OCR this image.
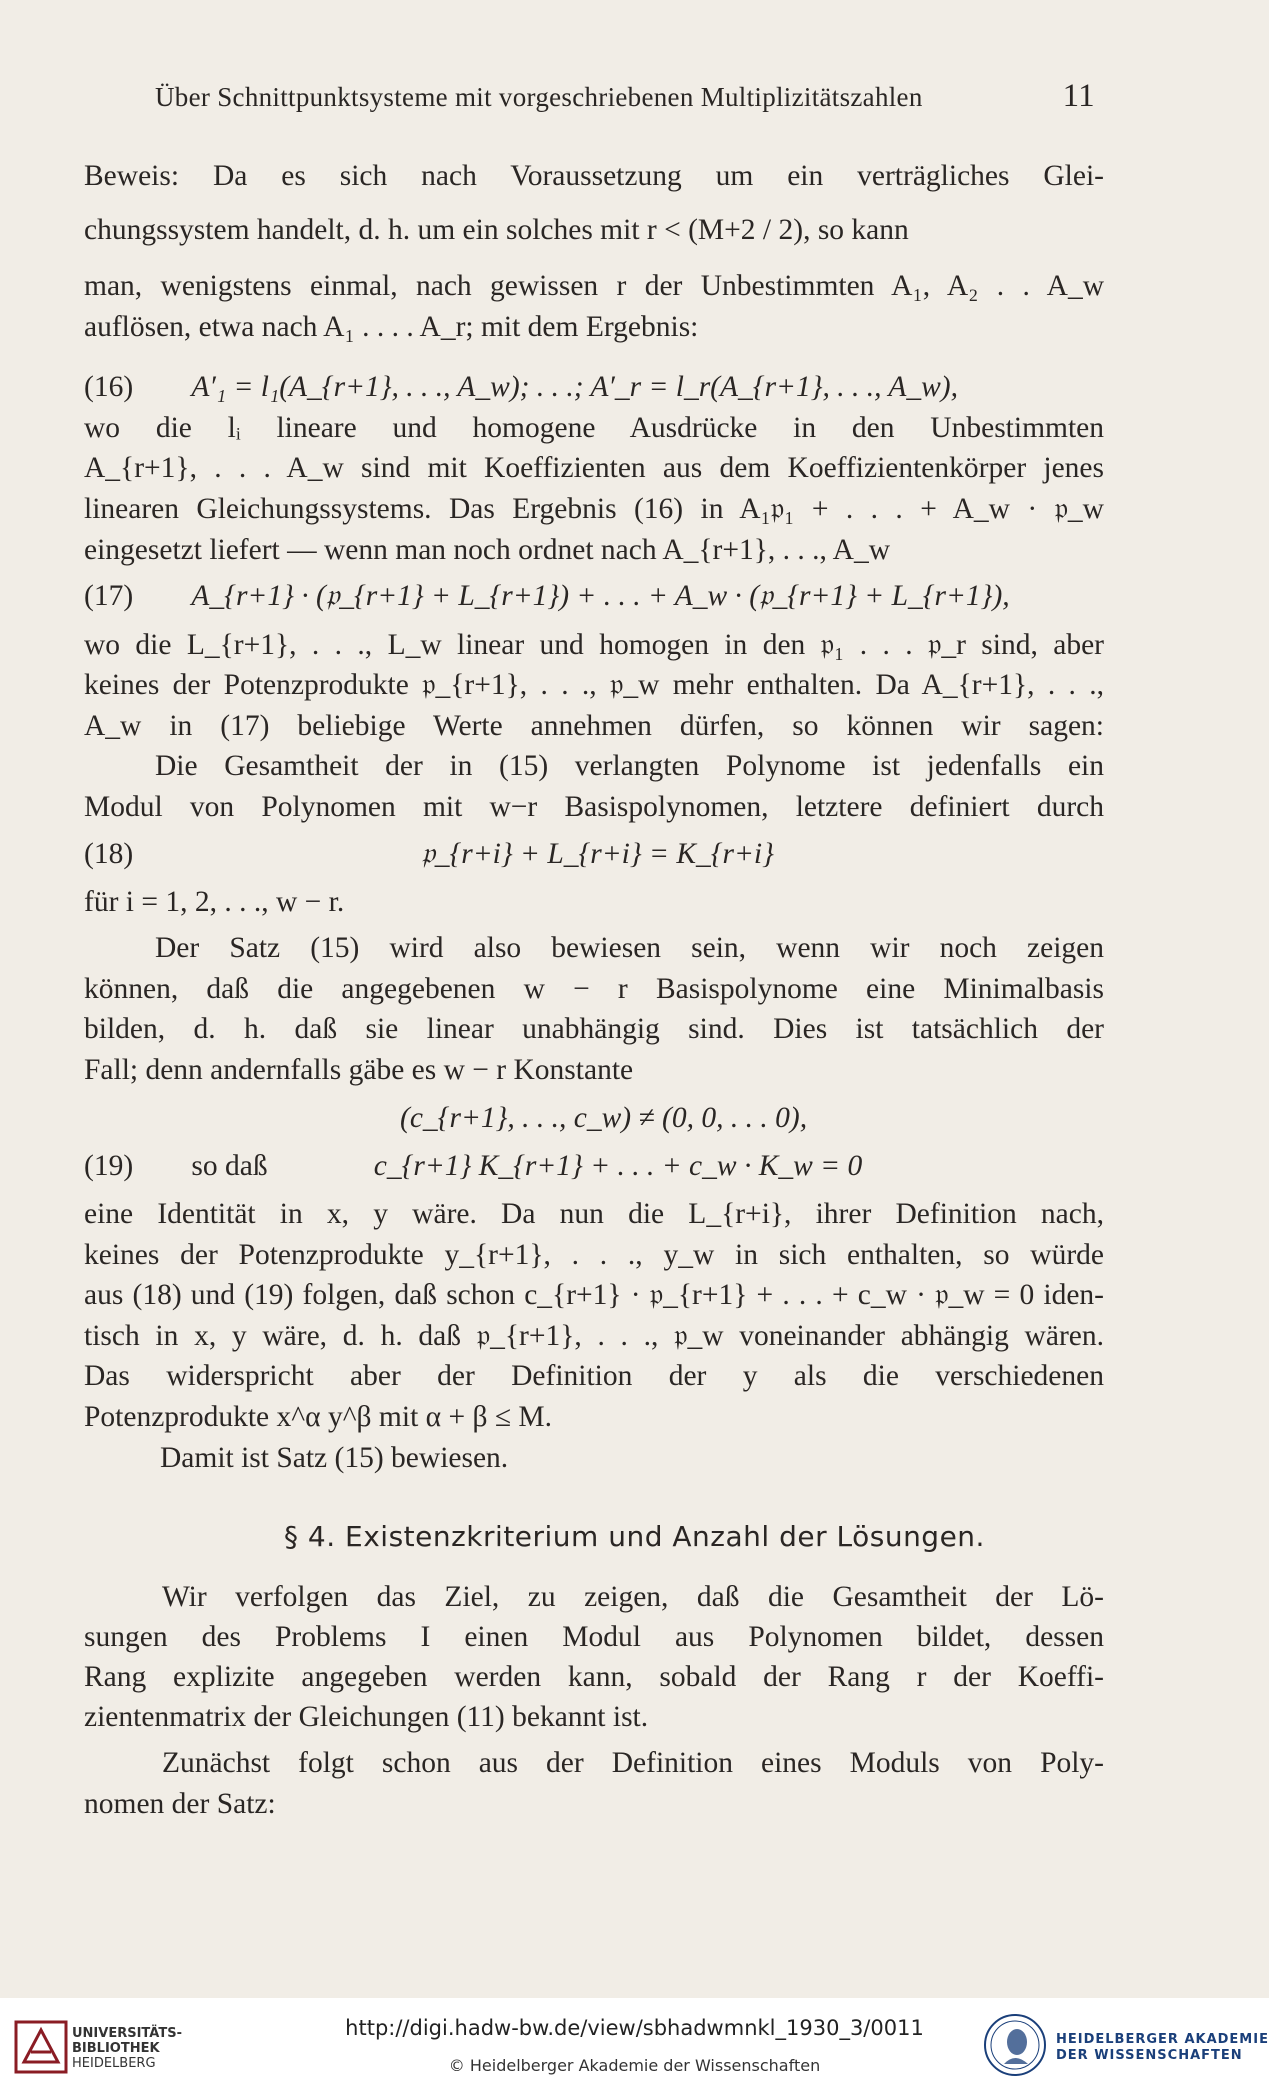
Über Schnittpunktsysteme mit vorgeschriebenen Multiplizitätszahlen	11
Beweis: Da es sich nach Voraussetzung um ein verträgliches Glei-
chungssystem handelt, d. h. um ein solches mit r < (M+2 / 2), so kann
man, wenigstens einmal, nach gewissen r der Unbestimmten A₁, A₂ . . A_w
auflösen, etwa nach A₁ . . . . A_r; mit dem Ergebnis:
(16) A′₁ = l₁(A_{r+1}, . . ., A_w); . . .; A′_r = l_r(A_{r+1}, . . ., A_w),
wo die lᵢ lineare und homogene Ausdrücke in den Unbestimmten
A_{r+1}, . . . A_w sind mit Koeffizienten aus dem Koeffizientenkörper jenes
linearen Gleichungssystems. Das Ergebnis (16) in A₁𝔭₁ + . . . + A_w · 𝔭_w
eingesetzt liefert — wenn man noch ordnet nach A_{r+1}, . . ., A_w
(17) A_{r+1} · (𝔭_{r+1} + L_{r+1}) + . . . + A_w · (𝔭_{r+1} + L_{r+1}),
wo die L_{r+1}, . . ., L_w linear und homogen in den 𝔭₁ . . . 𝔭_r sind, aber
keines der Potenzprodukte 𝔭_{r+1}, . . ., 𝔭_w mehr enthalten. Da A_{r+1}, . . .,
A_w in (17) beliebige Werte annehmen dürfen, so können wir sagen:
Die Gesamtheit der in (15) verlangten Polynome ist jedenfalls ein
Modul von Polynomen mit w−r Basispolynomen, letztere definiert durch
(18)	𝔭_{r+i} + L_{r+i} = K_{r+i}
für i = 1, 2, . . ., w − r.
Der Satz (15) wird also bewiesen sein, wenn wir noch zeigen
können, daß die angegebenen w − r Basispolynome eine Minimalbasis
bilden, d. h. daß sie linear unabhängig sind. Dies ist tatsächlich der
Fall; denn andernfalls gäbe es w − r Konstante
(c_{r+1}, . . ., c_w) ≠ (0, 0, . . . 0),
(19) so daß	c_{r+1} K_{r+1} + . . . + c_w · K_w = 0
eine Identität in x, y wäre. Da nun die L_{r+i}, ihrer Definition nach,
keines der Potenzprodukte y_{r+1}, . . ., y_w in sich enthalten, so würde
aus (18) und (19) folgen, daß schon c_{r+1} · 𝔭_{r+1} + . . . + c_w · 𝔭_w = 0 iden-
tisch in x, y wäre, d. h. daß 𝔭_{r+1}, . . ., 𝔭_w voneinander abhängig wären.
Das widerspricht aber der Definition der y als die verschiedenen
Potenzprodukte x^α y^β mit α + β ≤ M.
Damit ist Satz (15) bewiesen.
§ 4. Existenzkriterium und Anzahl der Lösungen.
Wir verfolgen das Ziel, zu zeigen, daß die Gesamtheit der Lö-
sungen des Problems I einen Modul aus Polynomen bildet, dessen
Rang explizite angegeben werden kann, sobald der Rang r der Koeffi-
zientenmatrix der Gleichungen (11) bekannt ist.
Zunächst folgt schon aus der Definition eines Moduls von Poly-
nomen der Satz:
UNIVERSITÄTS-
BIBLIOTHEK
HEIDELBERG
http://digi.hadw-bw.de/view/sbhadwmnkl_1930_3/0011
© Heidelberger Akademie der Wissenschaften
HEIDELBERGER AKADEMIE
DER WISSENSCHAFTEN
